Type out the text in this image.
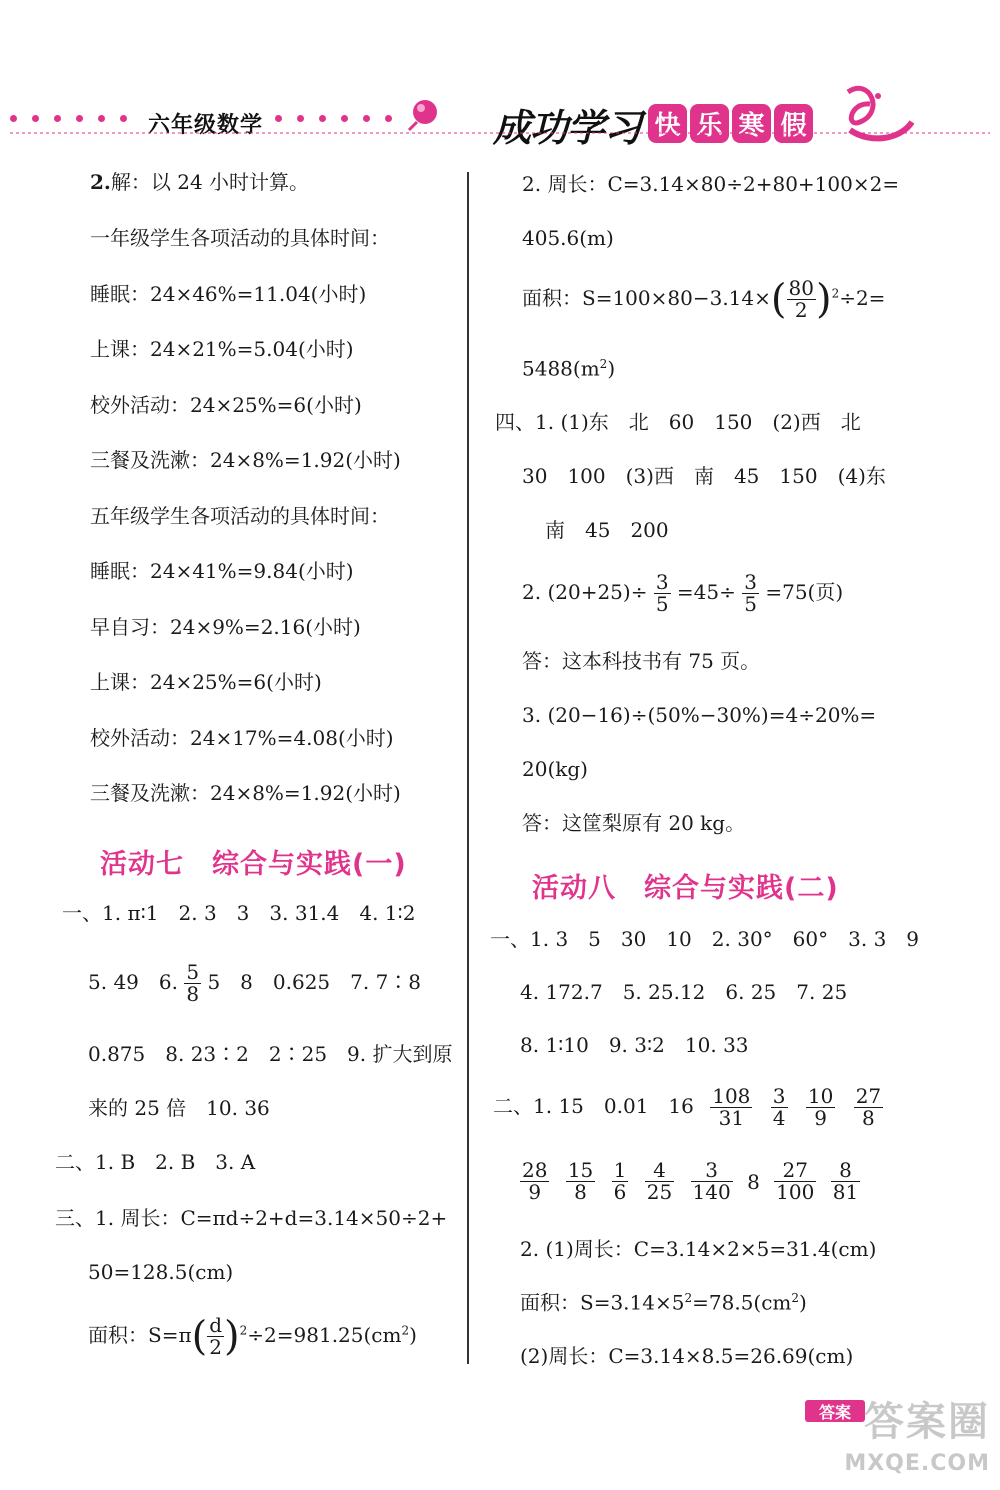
六年级数学	成功学习 快 乐 寒 假
2.解：以 24 小时计算。
一年级学生各项活动的具体时间：
睡眠：24×46%=11.04(小时)
上课：24×21%=5.04(小时)
校外活动：24×25%=6(小时)
三餐及洗漱：24×8%=1.92(小时)
五年级学生各项活动的具体时间：
睡眠：24×41%=9.84(小时)
早自习：24×9%=2.16(小时)
上课：24×25%=6(小时)
校外活动：24×17%=4.08(小时)
三餐及洗漱：24×8%=1.92(小时)
活动七　综合与实践(一)
一、1. π∶1　2. 3　3　3. 31.4　4. 1∶2
5. 49　6. $\frac{5}{8} 5$　8　0.625　7. 7∶8
0.875　8. 23∶2　2∶25　9. 扩大到原
来的 25 倍　10. 36
二、1. B　2. B　3. A
三、1. 周长：C=πd÷2+d=3.14×50÷2+
50=128.5(cm)
面积：$S=\pi( \frac{d}{2} )^2\div 2=981.25(cm^2)$
2. 周长：C=3.14×80÷2+80+100×2=
405.6(m)
面积：$S=100\times 80-3.14\times( \frac{80}{2} )^2\div 2=$
$5488(m^2)$
四、1. (1)东　北　60　150　(2)西　北
30　100　(3)西　南　45　150　(4)东
南　45　200
2. $(20+25)\div \frac{3}{5} =45\div \frac{3}{5} =75$(页)
答：这本科技书有 75 页。
3. (20−16)÷(50%−30%)=4÷20%=
20(kg)
答：这筐梨原有 20 kg。
活动八　综合与实践(二)
一、1. 3　5　30　10　2. 30°　60°　3. 3　9
4. 172.7　5. 25.12　6. 25　7. 25
8. 1∶10　9. 3∶2　10. 33
二、1. 15　0.01　$16 \frac{108}{31}$
$\frac{3}{4}$
$\frac{10}{9}$
$\frac{27}{8}$
$\frac{28}{9}$
$\frac{15}{8}$
$\frac{1}{6}$
$\frac{4}{25}$
$\frac{3}{140} 8 \frac{27}{100}$
$\frac{8}{81}$
2. (1)周长：C=3.14×2×5=31.4(cm)
面积：$S=3.14\times 5^2=78.5(cm^2)$
(2)周长：C=3.14×8.5=26.69(cm)
答案 答案圈
MXQE.COM
